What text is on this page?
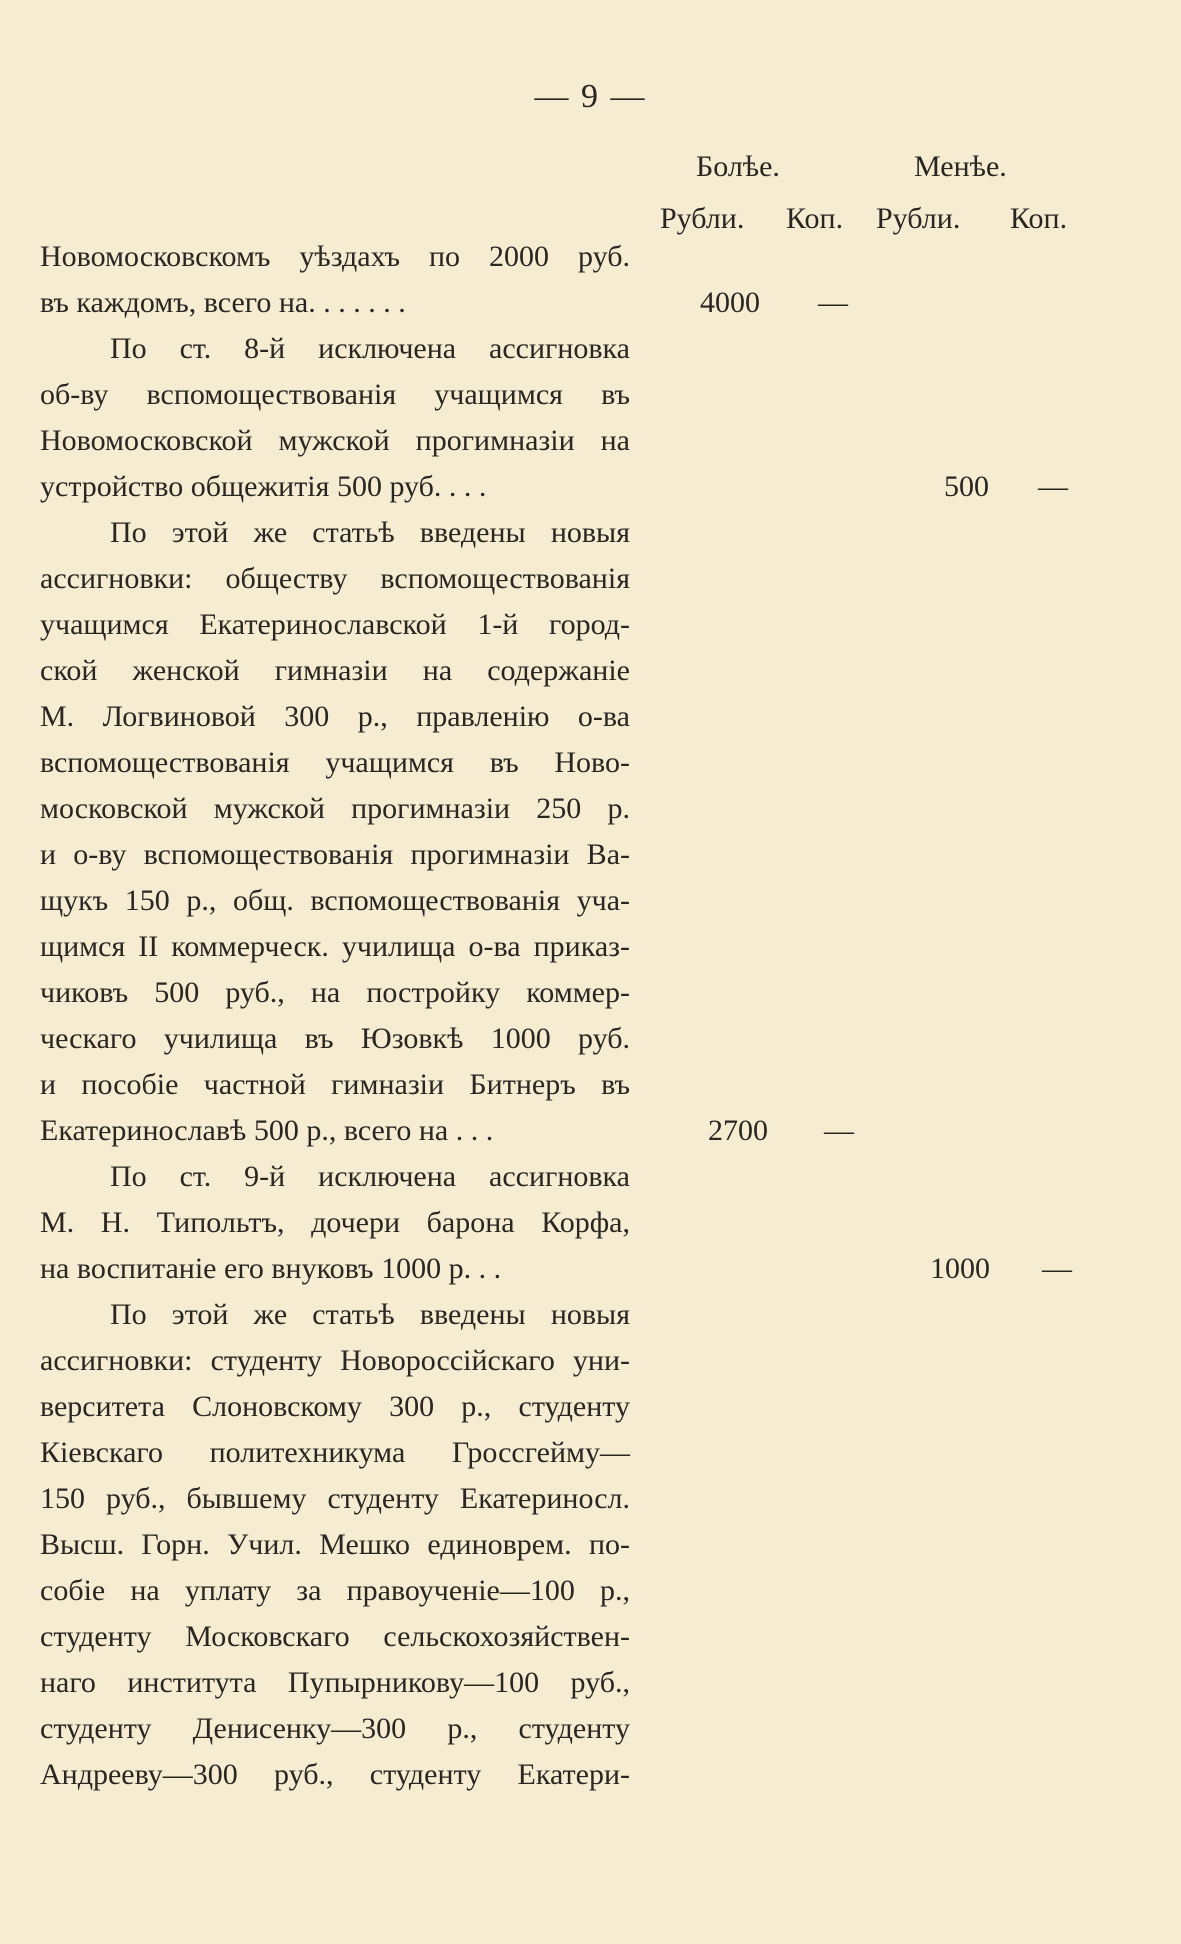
— 9 —
Болѣе.	Менѣе.
Рубли. Коп. Рубли. Коп.
Новомосковскомъ уѣздахъ по 2000 руб.
въ каждомъ, всего на. . . . . . .
По ст. 8-й исключена ассигновка
об-ву вспомоществованія учащимся въ
Новомосковской мужской прогимназіи на
устройство общежитія 500 руб. . . .
По этой же статьѣ введены новыя
ассигновки: обществу вспомоществованія
учащимся Екатеринославской 1-й город-
ской женской гимназіи на содержаніе
М. Логвиновой 300 р., правленію о-ва
вспомоществованія учащимся въ Ново-
московской мужской прогимназіи 250 р.
и о-ву вспомоществованія прогимназіи Ва-
щукъ 150 р., общ. вспомоществованія уча-
щимся II коммерческ. училища о-ва приказ-
чиковъ 500 руб., на постройку коммер-
ческаго училища въ Юзовкѣ 1000 руб.
и пособіе частной гимназіи Битнеръ въ
Екатеринославѣ 500 р., всего на . . .
По ст. 9-й исключена ассигновка
М. Н. Типольтъ, дочери барона Корфа,
на воспитаніе его внуковъ 1000 р. . .
По этой же статьѣ введены новыя
ассигновки: студенту Новороссійскаго уни-
верситета Слоновскому 300 р., студенту
Кіевскаго политехникума Гроссгейму—
150 руб., бывшему студенту Екатериносл.
Высш. Горн. Учил. Мешко единоврем. по-
собіе на уплату за правоученіе—100 р.,
студенту Московскаго сельскохозяйствен-
наго института Пупырникову—100 руб.,
студенту Денисенку—300 р., студенту
Андрееву—300 руб., студенту Екатери-
4000 —
500 —
2700 —
1000 —
